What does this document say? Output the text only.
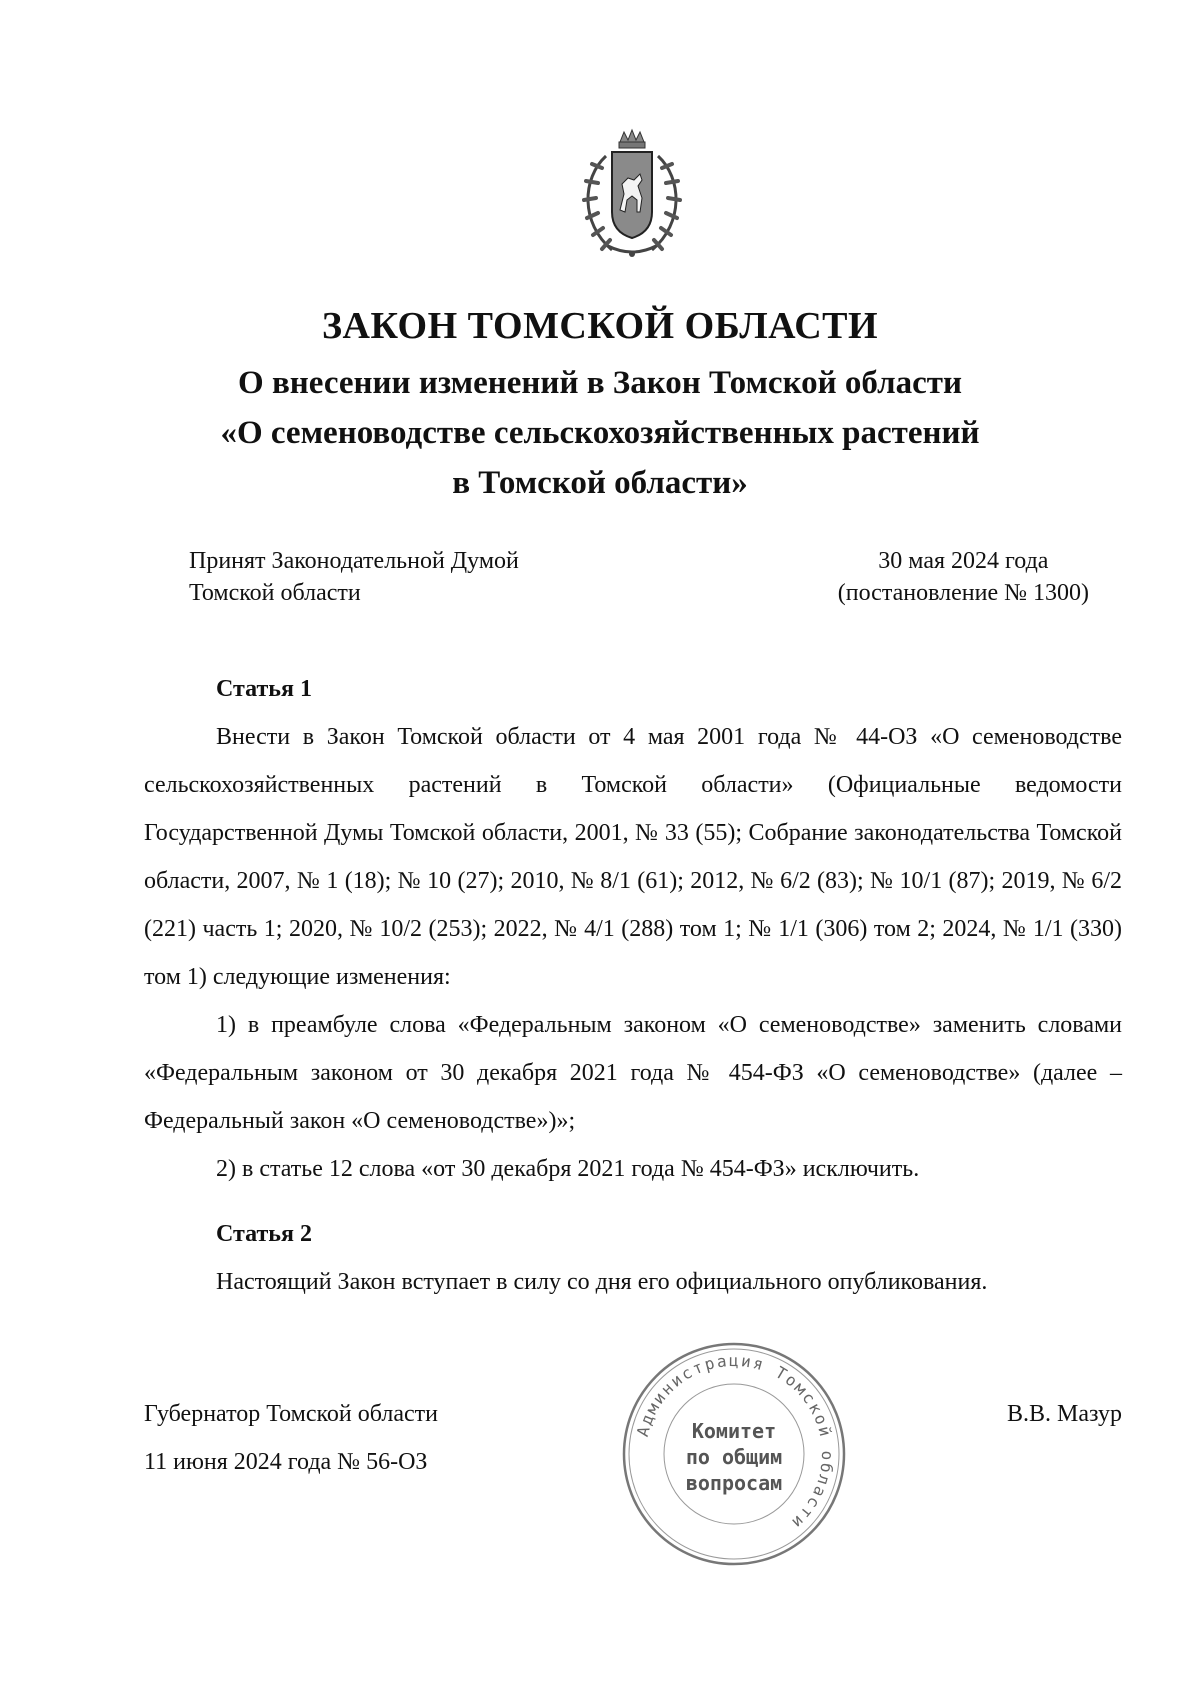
ЗАКОН ТОМСКОЙ ОБЛАСТИ
О внесении изменений в Закон Томской области
«О семеноводстве сельскохозяйственных растений
в Томской области»
Принят Законодательной Думой
Томской области
30 мая 2024 года
(постановление № 1300)
Статья 1

Внести в Закон Томской области от 4 мая 2001 года № 44-ОЗ «О семеноводстве

сельскохозяйственных растений в Томской области» (Официальные ведомости Государственной Думы Томской области, 2001, № 33 (55); Собрание законодательства Томской области, 2007, № 1 (18); № 10 (27); 2010, № 8/1 (61); 2012, № 6/2 (83); № 10/1 (87); 2019, № 6/2 (221) часть 1; 2020, № 10/2 (253); 2022, № 4/1 (288) том 1; № 1/1 (306) том 2; 2024, № 1/1 (330) том 1) следующие изменения:

1) в преамбуле слова «Федеральным законом «О семеноводстве» заменить словами «Федеральным законом от 30 декабря 2021 года № 454-ФЗ «О семеноводстве» (далее – Федеральный закон «О семеноводстве»)»;

2) в статье 12 слова «от 30 декабря 2021 года № 454-ФЗ» исключить.

Статья 2

Настоящий Закон вступает в силу со дня его официального опубликования.

Администрация Томской области
Комитет
по общим
вопросам
Губернатор Томской области
11 июня 2024 года № 56-ОЗ
В.В. Мазур
